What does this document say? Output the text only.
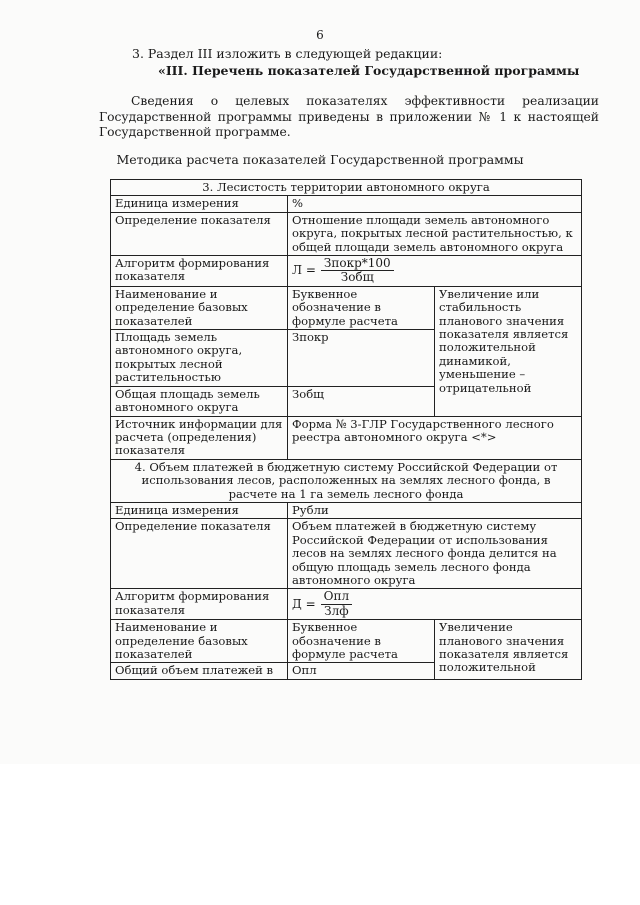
6
3. Раздел III изложить в следующей редакции:
«III. Перечень показателей Государственной программы
Сведения о целевых показателях эффективности реализации Государственной программы приведены в приложении № 1 к настоящей Государственной программе.
Методика расчета показателей Государственной программы
3. Лесистость территории автономного округа		
Единица измерения	%	
Определение показателя	Отношение площади земель автономного округа, покрытых лесной растительностью, к общей площади земель автономного округа	
Алгоритм формирования показателя	$Л = \frac{\text{Зпокр*100}}{\text{Зобщ}}$

Наименование и определение базовых показателей	Буквенное обозначение в формуле расчета	Увеличение или стабильность планового значения показателя является положительной динамикой, уменьшение – отрицательной
Площадь земель автономного округа, покрытых лесной растительностью	Зпокр	
Общая площадь земель автономного округа	Зобщ	
Источник информации для расчета (определения) показателя	Форма № 3-ГЛР Государственного лесного реестра автономного округа <*>	
4. Объем платежей в бюджетную систему Российской Федерации от использования лесов, расположенных на землях лесного фонда, в расчете на 1 га земель лесного фонда		
Единица измерения	Рубли	
Определение показателя	Объем платежей в бюджетную систему Российской Федерации от использования лесов на землях лесного фонда делится на общую площадь земель лесного фонда автономного округа	
Алгоритм формирования показателя	$Д = \frac{\text{Опл}}{\text{Злф}}$

Наименование и определение базовых показателей	Буквенное обозначение в формуле расчета	Увеличение планового значения показателя является положительной
Общий объем платежей в	Опл	
